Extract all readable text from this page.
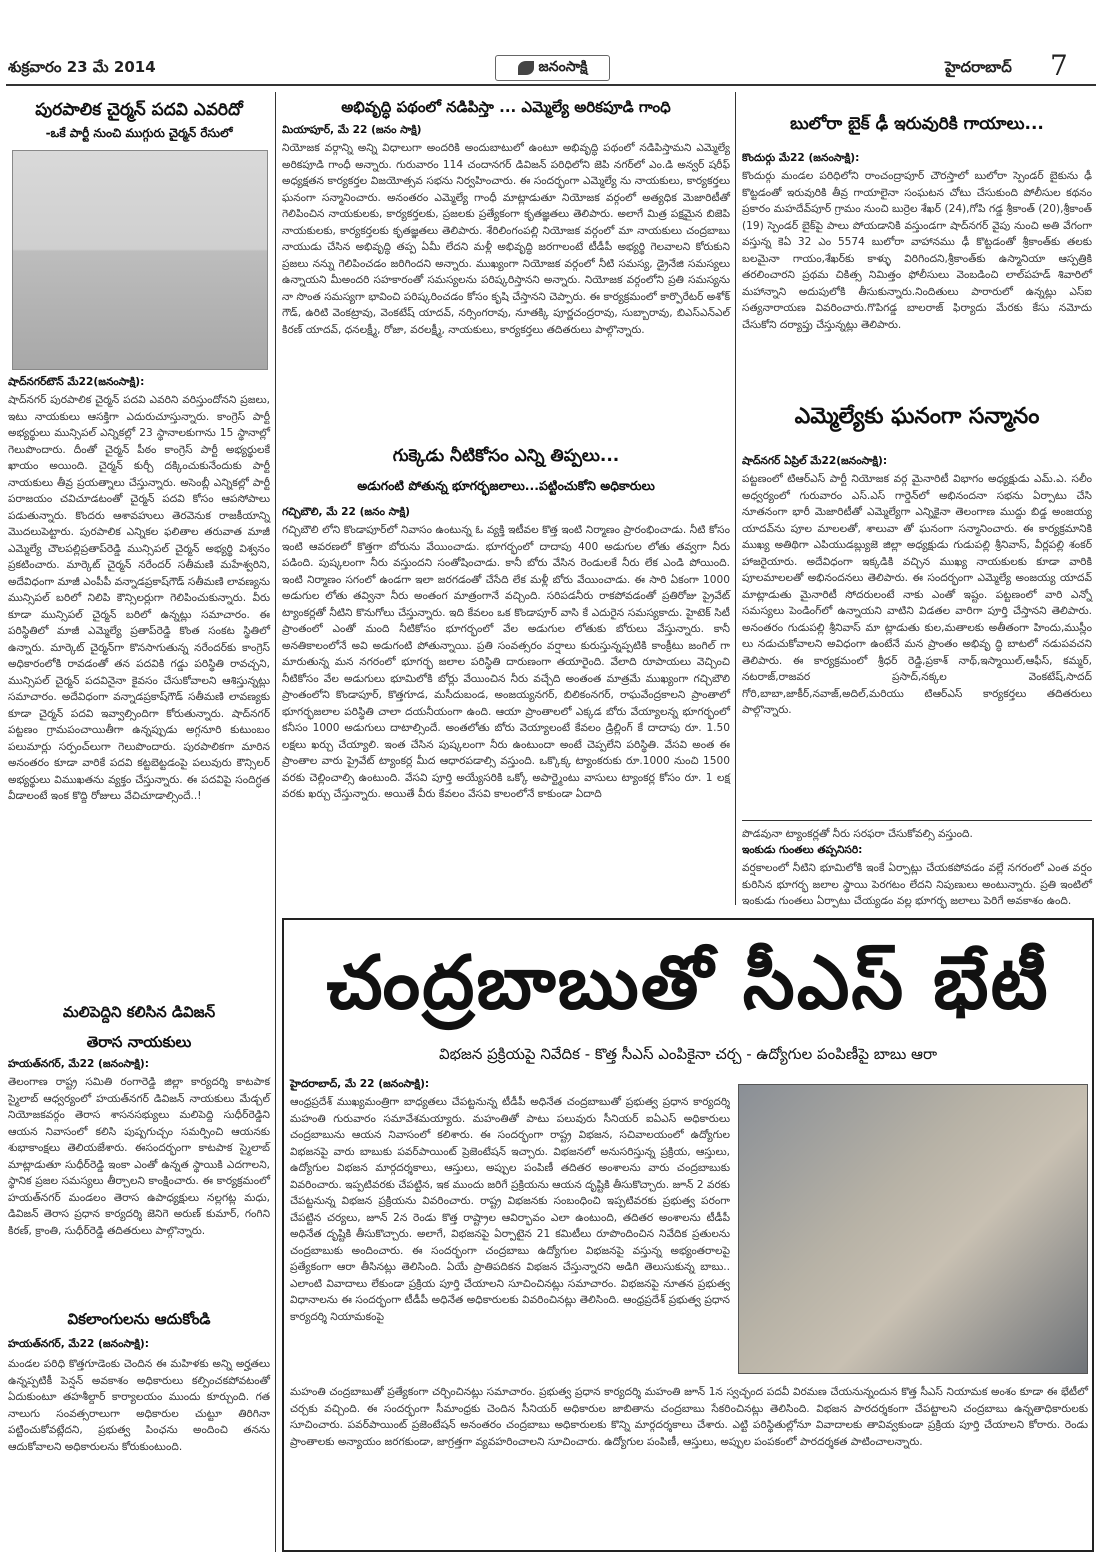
శుక్రవారం 23 మే 2014	జనంసాక్షి	హైదరాబాద్ 7
పురపాలిక చైర్మన్ పదవి ఎవరిదో
-ఒకే పార్టీ నుంచి ముగ్గురు చైర్మన్ రేసులో
షాద్‌నగర్‌టౌన్ మే22(జనంసాక్షి):

షాద్‌నగర్ పురపాలిక చైర్మన్ పదవి ఎవరిని వరిస్తుందోనని ప్రజలు, ఇటు నాయకులు ఆసక్తిగా ఎదురుచూస్తున్నారు. కాంగ్రెస్ పార్టీ అభ్యర్థులు మున్సిపల్ ఎన్నికల్లో 23 స్థానాలకుగాను 15 స్థానాల్లో గెలుపొందారు. దీంతో చైర్మన్ పీఠం కాంగ్రెస్ పార్టీ అభ్యర్థులకే ఖాయం అయింది. చైర్మన్ కుర్చీ దక్కించుకునేందుకు పార్టీ నాయకులు తీవ్ర ప్రయత్నాలు చేస్తున్నారు. అసెంబ్లీ ఎన్నికల్లో పార్టీ పరాజయం చవిచూడటంతో చైర్మన్ పదవి కోసం ఆపసోపాలు పడుతున్నారు. కొందరు ఆశావహులు తెరవెనుక రాజకీయాన్ని మొదలుపెట్టారు. పురపాలిక ఎన్నికల ఫలితాల తరువాత మాజీ ఎమ్మెల్యే చౌలపల్లిప్రతాప్‌రెడ్డి మున్సిపల్ చైర్మన్ అభ్యర్థి విశ్వనం ప్రకటించారు. మార్కెట్ చైర్మన్ నరేందర్ సతీమణి మహేశ్వరిని, అదేవిధంగా మాజీ ఎంపీపీ వన్నాడప్రకాష్‌గౌడ్ సతీమణి లావణ్యను మున్సిపల్ బరిలో నిలిపి కౌన్సిలర్లుగా గెలిపించుకున్నారు. వీరు కూడా మున్సిపల్ చైర్మన్ బరిలో ఉన్నట్లు సమాచారం. ఈ పరిస్థితిలో మాజీ ఎమ్మెల్యే ప్రతాప్‌రెడ్డి కొంత సంకట స్థితిలో ఉన్నారు. మార్కెట్ చైర్మన్‌గా కొనసాగుతున్న నరేందర్‌కు కాంగ్రెస్ అధికారంలోకి రావడంతో తన పదవికి గడ్డు పరిస్థితి రావచ్చని, మున్సిపల్ చైర్మన్ పదవినైనా కైవసం చేసుకోవాలని ఆశిస్తున్నట్లు సమాచారం. అదేవిధంగా వన్నాడప్రకాష్‌గౌడ్ సతీమణి లావణ్యకు కూడా చైర్మన్ పదవి ఇవ్వాల్సిందిగా కోరుతున్నారు. షాద్‌నగర్ పట్టణం గ్రామపంచాయితీగా ఉన్నప్పుడు అగ్గనూరి కుటుంబం పలుమార్లు సర్పంచ్‌లుగా గెలుపొందారు. పురపాలికగా మారిన అనంతరం కూడా వారికే పదవి కట్టబెట్టడంపై పలువురు కౌన్సిలర్ అభ్యర్థులు విముఖతను వ్యక్తం చేస్తున్నారు. ఈ పదవిపై సందిగ్ధత వీడాలంటే ఇంక కొద్ది రోజులు వేచిచూడాల్సిందే..!

మలిపెద్దిని కలిసిన డివిజన్
తెరాస నాయకులు
హయత్‌నగర్, మే22 (జనంసాక్షి):

తెలంగాణ రాష్ట్ర సమితి రంగారెడ్డి జిల్లా కార్యదర్శి కాటపాక స్మైలాబ్ ఆధ్వర్యంలో హయత్‌నగర్ డివిజన్ నాయకులు మేడ్చల్ నియోజకవర్గం తెరాస శాసనసభ్యులు మలిపెద్ది సుధీర్‌రెడ్డిని ఆయన నివాసంలో కలిసి పుష్పగుచ్చం సమర్పించి ఆయనకు శుభాకాంక్షలు తెలియజేశారు. ఈసందర్భంగా కాటపాక స్మైలాబ్ మాట్లాడుతూ సుధీర్‌రెడ్డి ఇంకా ఎంతో ఉన్నత స్థాయికి ఎదగాలని, స్థానిక ప్రజల సమస్యలు తీర్చాలని కాంక్షించారు. ఈ కార్యక్రమంలో హయత్‌నగర్ మండలం తెరాస ఉపాధ్యక్షులు నల్లగట్ల మధు, డివిజన్ తెరాస ప్రధాన కార్యదర్శి జెనిగె అరుణ్ కుమార్, గంగిని కిరణ్, క్రాంతి, సుధీర్‌రెడ్డి తదితరులు పాల్గొన్నారు.

వికలాంగులను ఆదుకోండి
హయత్‌నగర్, మే22 (జనంసాక్షి):

మండల పరిధి కొత్తగూడెంకు చెందిన ఈ మహిళకు అన్ని అర్హతలు ఉన్నప్పటికీ పెన్షన్ అవకాశం అధికారులు కల్పించకపోవటంతో ఏదుకుంటూ తహశీల్దార్ కార్యాలయం ముందు కూర్చుంది. గత నాలుగు సంవత్సరాలుగా అధికారుల చుట్టూ తిరిగినా పట్టించుకోవట్లేదని, ప్రభుత్వ పింఛను అందించి తనను ఆదుకోవాలని అధికారులను కోరుకుంటుంది.

అభివృద్ధి పథంలో నడిపిస్తా ... ఎమ్మెల్యే అరికపూడి గాంధి
మియాపూర్, మే 22 (జనం సాక్షి)

నియోజక వర్గాన్ని అన్ని విధాలుగా అందరికి అందుబాటులో ఉంటూ అభివృద్ధి పథంలో నడిపిస్తామని ఎమ్మెల్యే అరికపూడి గాంధీ అన్నారు. గురువారం 114 చందానగర్ డివిజన్ పరిధిలోని జెపి నగర్‌లో ఎం.డి అన్వర్ షరీఫ్ అధ్యక్షతన కార్యకర్తల విజయోత్సవ సభను నిర్వహించారు. ఈ సందర్భంగా ఎమ్మెల్యే ను నాయకులు, కార్యకర్తలు ఘనంగా సన్మానించారు. అనంతరం ఎమ్మెల్యే గాంధీ మాట్లాడుతూ నియోజక వర్గంలో అత్యధిక మెజారిటీతో గెలిపించిన నాయకులకు, కార్యకర్తలకు, ప్రజలకు ప్రత్యేకంగా కృతజ్ఞతలు తెలిపారు. అలాగే మిత్ర పక్షమైన బిజెపి నాయకులకు, కార్యకర్తలకు కృతజ్ఞతలు తెలిపారు. శేరిలింగంపల్లి నియోజక వర్గంలో మా నాయకులు చంద్రబాబు నాయుడు చేసిన అభివృద్ధి తప్ప ఏమీ లేదని మళ్లీ అభివృద్ధి జరగాలంటే టీడీపీ అభ్యర్థి గెలవాలని కోరుకుని ప్రజలు నన్ను గెలిపించడం జరిగిందని అన్నారు. ముఖ్యంగా నియోజక వర్గంలో నీటి సమస్య, డ్రైనేజి సమస్యలు ఉన్నాయని మీఅందరి సహకారంతో సమస్యలను పరిష్కరిస్తానని అన్నారు. నియోజక వర్గంలోని ప్రతి సమస్యను నా సొంత సమస్యగా భావించి పరిష్కరించడం కోసం కృషి చేస్తానని చెప్పారు. ఈ కార్యక్రమంలో కార్పొరేటర్ అశోక్ గౌడ్, ఉరిటి వెంకట్రావు, వెంకటేష్ యాదవ్, నర్సింగరావు, నూతక్కి పూర్ణచంద్రరావు, సుబ్బారావు, బిఎస్ఎన్ఎల్ కిరణ్ యాదవ్, ధనలక్ష్మీ, రోజా, వరలక్ష్మీ, నాయకులు, కార్యకర్తలు తదితరులు పాల్గొన్నారు.

గుక్కెడు నీటికోసం ఎన్ని తిప్పలు...
అడుగంటి పోతున్న భూగర్భజలాలు...పట్టించుకోని అధికారులు
గచ్చిబౌలి, మే 22 (జనం సాక్షి)

గచ్చిబౌలి లోని కొండాపూర్‌లో నివాసం ఉంటున్న ఓ వ్యక్తి ఇటీవల కొత్త ఇంటి నిర్మాణం ప్రారంభించాడు. నీటి కోసం ఇంటి ఆవరణలో కొత్తగా బోరును వేయించాడు. భూగర్భంలో దాదాపు 400 అడుగుల లోతు తవ్వగా నీరు పడింది. పుష్కలంగా నీరు వస్తుందని సంతోషించాడు. కానీ బోరు వేసిన రెండులకే నీరు లేక ఎండి పోయింది. ఇంటి నిర్మాణం సగంలో ఉండగా ఇలా జరగడంతో చేసేది లేక మళ్లీ బోరు వేయించాడు. ఈ సారి ఏకంగా 1000 అడుగుల లోతు తవ్వినా నీరు అంతంగ మాత్రంగానే వచ్చింది. సరిపడనీరు రాకపోవడంతో ప్రతిరోజు ప్రైవేట్ ట్యాంకర్లతో నీటిని కొనుగోలు చేస్తున్నారు. ఇది కేవలం ఒక కొండాపూర్ వాసి కే ఎదురైన సమస్యకాదు. హైటెక్ సిటీ ప్రాంతంలో ఎంతో మంది నీటికోసం భూగర్భంలో వేల అడుగుల లోతుకు బోరులు వేస్తున్నారు. కానీ అనతికాలంలోనే అవి అడుగంటి పోతున్నాయి. ప్రతి సంవత్సరం వర్షాలు కురుస్తున్నప్పటికి కాంక్రీటు జంగిల్ గా మారుతున్న మన నగరంలో భూగర్భ జలాల పరిస్థితి దారుణంగా తయారైంది. వేలాది రూపాయలు వెచ్చించి నీటికోసం వేల అడుగులు భూమిలోకి బోర్లు వేయించిన నీరు వచ్చేది అంతంత మాత్రమే ముఖ్యంగా గచ్చిబౌలి ప్రాంతంలోని కొండాపూర్, కొత్తగూడ, మసీదుబండ, అంజయ్యనగర్, బిలికంనగర్, రాఘవేంద్రకాలని ప్రాంతాలో భూగర్భజలాల పరిస్థితి చాలా దయనీయంగా ఉంది. ఆయా ప్రాంతాలలో ఎక్కడ బోరు వేయ్యాలన్న భూగర్భంలో కనీసం 1000 అడుగులు దాటాల్సిందే. అంతలోతు బోరు వెయ్యాలంటే కేవలం డ్రిల్లింగ్ కే దాదాపు రూ. 1.50 లక్షలు ఖర్చు చేయ్యాలి. ఇంత చేసిన పుష్కలంగా నీరు ఉంటుందా అంటే చెప్పలేని పరిస్థితి. వేసవి అంత ఈ ప్రాంతాల వారు ప్రైవేట్ ట్యాంకర్ల మీద ఆధారపడాల్సి వస్తుంది. ఒక్కొక్క ట్యాంకరుకు రూ.1000 నుంచి 1500 వరకు చెల్లించాల్సి ఉంటుంది. వేసవి పూర్తి అయ్యేసరికి ఒక్కో అపార్ట్మెంటు వాసులు ట్యాంకర్ల కోసం రూ. 1 లక్ష వరకు ఖర్చు చేస్తున్నారు. అయితే వీరు కేవలం వేసవి కాలంలోనే కాకుండా ఏదాది

బులోరా బైక్ ఢీ ఇరువురికి గాయాలు...
కొందుర్గు మే22 (జనంసాక్షి):

కొందుర్గు మండల పరిధిలోని రాంచంద్రాపూర్ చౌరస్తాలో బులోరా స్పెండర్ బైకును ఢీ కొట్టడంతో ఇరువురికి తీవ్ర గాయాలైనా సంఘటన చోటు చేసుకుంది పోలీసుల కథనం ప్రకారం మహదేవ్‌పూర్ గ్రామం నుంచి బుర్రెల శేఖర్ (24),గోపి గడ్డ శ్రీకాంత్ (20),శ్రీకాంత్ (19) స్పెండర్ బైక్‌పై పాలు పోయడానికి వస్తుండగా షాద్‌నగర్ వైపు నుంచి అతి వేగంగా వస్తున్న కెఏ 32 ఎం 5574 బులోరా వాహానము ఢీ కొట్టడంతో శ్రీకాంత్‌కు తలకు బలమైనా గాయం,శేఖర్‌కు కాళ్ళు విరిగిందని,శ్రీకాంత్‌కు ఉస్మానియా ఆస్పత్రికి తరలించారని ప్రథమ చికిత్స నిమిత్తం ఫోలీసులు వెంబడించి లాల్‌పహడ్ శివారిలో మహాన్నాని అదుపులోకి తీసుకున్నారు.నిందితులు పారారులో ఉన్నట్లు ఎస్ఐ సత్యనారాయణ వివరించారు.గొపిగడ్డ బాలరాజ్ ఫిర్యాదు మేరకు కేసు నమోదు చేసుకోని దర్యాప్తు చేస్తున్నట్లు తెలిపారు.

ఎమ్మెల్యేకు ఘనంగా సన్మానం
షాద్‌నగర్ ఏప్రిల్ మే22(జనంసాక్షి):

పట్టణంలో టిఆర్ఎస్ పార్టీ నియోజక వర్గ మైనారిటీ విభాగం అధ్యక్షుడు ఎమ్.ఎ. సలీం అధ్వర్యంలో గురువారం ఎస్.ఎస్ గార్డెన్‌లో అభినందనా సభను ఏర్పాటు చేసి నూతనంగా భారీ మెజారిటీతో ఎమ్మెల్యేగా ఎన్నికైనా తెలంగాణ ముద్దు బిడ్డ అంజయ్య యాదవ్‌ను పూల మాలలతో, శాలువా తో ఘనంగా సన్మానించారు. ఈ కార్యక్రమానికి ముఖ్య అతిథిగా ఎపియుడబ్ల్యుజె జిల్లా అధ్యక్షుడు గుడుపల్లి శ్రీనివాస్, వీర్లపల్లి శంకర్ హాజరైయారు. అదేవిధంగా ఇక్కడికి వచ్చిన ముఖ్య నాయకులకు కూడా వారికి పూలమాలలతో అభినందనలు తెలిపారు. ఈ సందర్భంగా ఎమ్మెల్యే అంజయ్య యాదవ్ మాట్లాడుతు మైనారిటీ సోదరులంటే నాకు ఎంతో ఇష్టం. పట్టణంలో వారి ఎన్నో సమస్యలు పెండింగ్‌లో ఉన్నాయని వాటిని విడతల వారిగా పూర్తి చేస్తానని తెలిపారు. అనంతరం గుడుపల్లి శ్రీనివాస్ మా ట్లాడుతు కుల,మతాలకు అతీతంగా హిందు,ముస్లీం లు నడుచుకోవాలని అవిధంగా ఉంటేనే మన ప్రాంతం అభివృ ద్ధి బాటలో నడుపవచని తెలిపారు. ఈ కార్యక్రమంలో శ్రీధర్ రెడ్డి,ప్రకాశ్ నాథ్,ఇస్మాయిల్,ఆఫీస్, కమ్మర్, నటరాజ్,రాజవర ప్రసాద్,నక్కల వెంకటేష్,సాదద్ గోరి,బాబా,జాకీర్,నవాజ్,అదిల్,మరియు టిఆర్ఎస్ కార్యకర్తలు తదితరులు పాల్గొన్నారు.

పొడవునా ట్యాంకర్లతో నీరు సరఫరా చేసుకోవల్సి వస్తుంది.

ఇంకుడు గుంతలు తప్పనిసరి:

వర్షకాలంలో నీటిని భూమిలోకి ఇంకే ఏర్పాట్లు చేయకపోవడం వల్లే నగరంలో ఎంత వర్షం కురిసిన భూగర్భ జలాల స్థాయి పెరగటం లేదని నిపుణులు అంటున్నారు. ప్రతి ఇంటిలో ఇంకుడు గుంతలు ఏర్పాటు చేయ్యడం వల్ల భూగర్భ జలాలు పెరిగే అవకాశం ఉంది.

చంద్రబాబుతో సీఎస్ భేటీ
విభజన ప్రక్రియపై నివేదిక - కొత్త సీఎస్ ఎంపికైనా చర్చ - ఉద్యోగుల పంపిణీపై బాబు ఆరా
హైదరాబాద్, మే 22 (జనంసాక్షి):

ఆంధ్రప్రదేశ్ ముఖ్యమంత్రిగా బాధ్యతలు చేపట్టనున్న టీడీపీ అధినేత చంద్రబాబుతో ప్రభుత్వ ప్రధాన కార్యదర్శి మహంతి గురువారం సమావేశమయ్యారు. మహంతితో పాటు పలువురు సీనియర్ ఐఏఎస్ అధికారులు చంద్రబాబును ఆయన నివాసంలో కలిశారు. ఈ సందర్భంగా రాష్ట్ర విభజన, సచివాలయంలో ఉద్యోగుల విభజనపై వారు బాబుకు పవర్‌పాయింట్ ప్రెజెంటేషన్ ఇచ్చారు. విభజనలో అనుసరిస్తున్న ప్రక్రియ, ఆస్తులు, ఉద్యోగుల విభజన మార్గదర్శకాలు, ఆస్తులు, అప్పుల పంపిణీ తదితర అంశాలను వారు చంద్రబాబుకు వివరించారు. ఇప్పటివరకు చేపట్టిన, ఇక ముందు జరిగే ప్రక్రియను ఆయన దృష్టికి తీసుకొచ్చారు. జూన్ 2 వరకు చేపట్టనున్న విభజన ప్రక్రియను వివరించారు. రాష్ట్ర విభజనకు సంబంధించి ఇప్పటివరకు ప్రభుత్వ పరంగా చేపట్టిన చర్యలు, జూన్ 2న రెండు కొత్త రాష్ట్రాల ఆవిర్భావం ఎలా ఉంటుంది, తదితర అంశాలను టీడీపీ అధినేత దృష్టికి తీసుకొచ్చారు. అలాగే, విభజనపై ఏర్పాటైన 21 కమిటీలు రూపొందించిన నివేదిక ప్రతులను చంద్రబాబుకు అందించారు. ఈ సందర్భంగా చంద్రబాబు ఉద్యోగుల విభజనపై వస్తున్న అభ్యంతరాలపై ప్రత్యేకంగా ఆరా తీసినట్లు తెలిసింది. ఏయే ప్రాతిపదికన విభజన చేస్తున్నారని అడిగి తెలుసుకున్న బాబు.. ఎలాంటి వివాదాలు లేకుండా ప్రక్రియ పూర్తి చేయాలని సూచించినట్లు సమాచారం. విభజనపై నూతన ప్రభుత్వ విధానాలను ఈ సందర్భంగా టీడీపీ అధినేత అధికారులకు వివరించినట్లు తెలిసింది. ఆంధ్రప్రదేశ్ ప్రభుత్వ ప్రధాన కార్యదర్శి నియామకంపై

మహంతి చంద్రబాబుతో ప్రత్యేకంగా చర్చించినట్లు సమాచారం. ప్రభుత్వ ప్రధాన కార్యదర్శి మహంతి జూన్ 1న స్వచ్ఛంద పదవీ విరమణ చేయనున్నందున కొత్త సీఎస్ నియామక అంశం కూడా ఈ భేటీలో చర్చకు వచ్చింది. ఈ సందర్భంగా సీమాంధ్రకు చెందిన సీనియర్ అధికారుల జాబితాను చంద్రబాబు సేకరించినట్లు తెలిసింది. విభజన పారదర్శకంగా చేపట్టాలని చంద్రబాబు ఉన్నతాధికారులకు సూచించారు. పవర్‌పాయింట్ ప్రజెంటేషన్ అనంతరం చంద్రబాబు అధికారులకు కొన్ని మార్గదర్శకాలు చేశారు. ఎట్టి పరిస్థితుల్లోనూ వివాదాలకు తావివ్వకుండా ప్రక్రియ పూర్తి చేయాలని కోరారు. రెండు ప్రాంతాలకు అన్యాయం జరగకుండా, జాగ్రత్తగా వ్యవహరించాలని సూచించారు. ఉద్యోగుల పంపిణీ, ఆస్తులు, అప్పుల పంపకంలో పారదర్శకత పాటించాలన్నారు.
